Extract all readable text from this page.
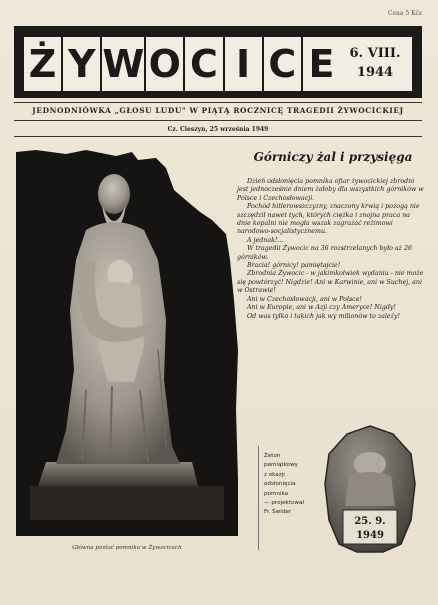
Cena 5 Kčs
Ż Y W O C I C E	6. VIII.
1944
JEDNODNIÓWKA „GŁOSU LUDU" W PIĄTĄ ROCZNICĘ TRAGEDII ŻYWOCICKIEJ
Cz. Cieszyn, 25 września 1949
Główna postać pomnika w Żywocicach
Górniczy żal i przysięga

Dzień odsłonięcia pomnika ofiar żywocickiej zbrodni jest jednocześnie dniem żałoby dla wszystkich górników w Polsce i Czechosłowacji.

Pochód hitlerowszczyzny, znaczony krwią i pożogą nie szczędził nawet tych, których ciężka i znojna praca na dnie kopalni nie mogła wszak zagrażać reżimowi narodowo-socjalistycznemu.

A jednak!...

W tragedii Żywocic na 36 rozstrzelanych było aż 26 górników.

Bracia! górnicy! pamiętajcie!

Zbrodnia Żywocic - w jakimkolwiek wydaniu - nie może się powtórzyć! Nigdzie! Ani w Karwinie, ani w Suchej, ani w Ostrawie!

Ani w Czechosłowacji, ani w Polsce!

Ani w Europie, ani w Azji czy Ameryce! Nigdy!

Od was tylko i takich jak wy milionów to zależy!

Żeton
pamiątkowy
z okazji
odsłonięcia
pomnika
— projektował
Fr. Świder
25. 9.
1949
